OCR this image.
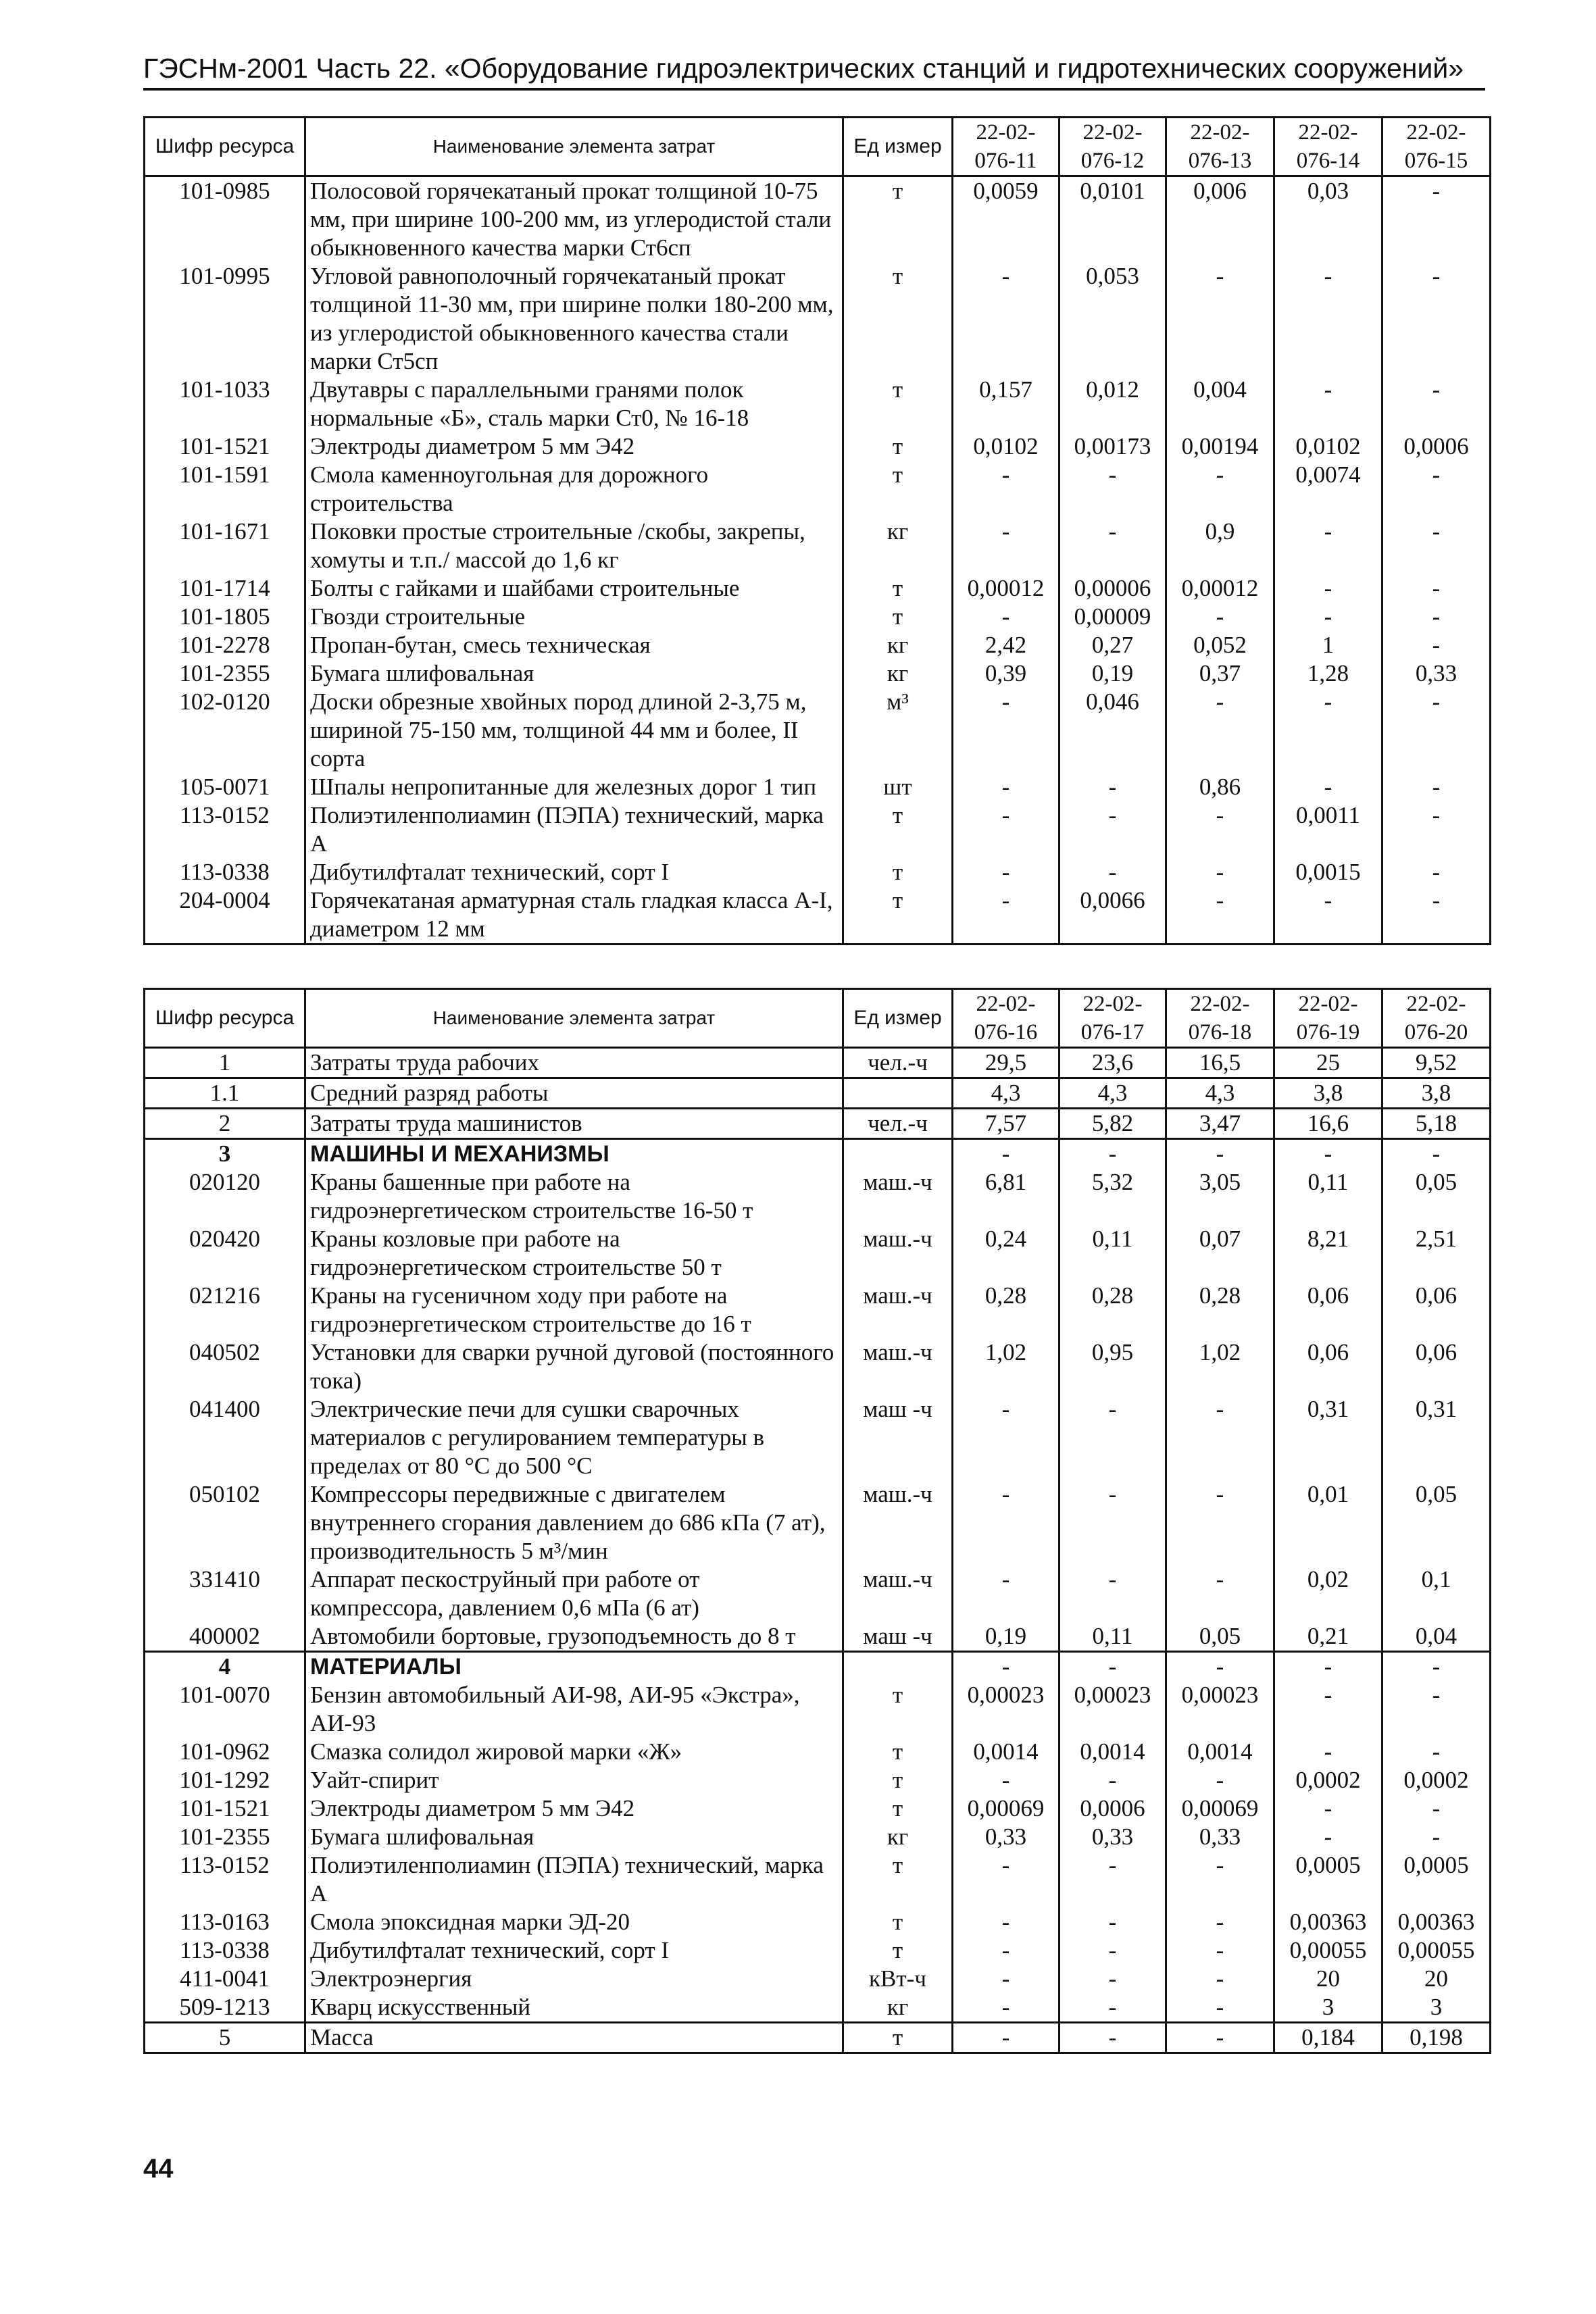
ГЭСНм-2001 Часть 22. «Оборудование гидроэлектрических станций и гидротехнических сооружений»
Шифр ресурса	Наименование элемента затрат	Ед измер	22-02-076-11	22-02-076-12	22-02-076-13	22-02-076-14	22-02-076-15
101-0985	Полосовой горячекатаный прокат толщиной 10-75 мм, при ширине 100-200 мм, из углеродистой стали обыкновенного качества марки Ст6сп	т	0,0059	0,0101	0,006	0,03	-
101-0995	Угловой равнополочный горячекатаный прокат толщиной 11-30 мм, при ширине полки 180-200 мм, из углеродистой обыкновенного качества стали марки Ст5сп	т	-	0,053	-	-	-
101-1033	Двутавры с параллельными гранями полок нормальные «Б», сталь марки Ст0, № 16-18	т	0,157	0,012	0,004	-	-
101-1521	Электроды диаметром 5 мм Э42	т	0,0102	0,00173	0,00194	0,0102	0,0006
101-1591	Смола каменноугольная для дорожного строительства	т	-	-	-	0,0074	-
101-1671	Поковки простые строительные /скобы, закрепы, хомуты и т.п./ массой до 1,6 кг	кг	-	-	0,9	-	-
101-1714	Болты с гайками и шайбами строительные	т	0,00012	0,00006	0,00012	-	-
101-1805	Гвозди строительные	т	-	0,00009	-	-	-
101-2278	Пропан-бутан, смесь техническая	кг	2,42	0,27	0,052	1	-
101-2355	Бумага шлифовальная	кг	0,39	0,19	0,37	1,28	0,33
102-0120	Доски обрезные хвойных пород длиной 2-3,75 м, шириной 75-150 мм, толщиной 44 мм и более, II сорта	м³	-	0,046	-	-	-
105-0071	Шпалы непропитанные для железных дорог 1 тип	шт	-	-	0,86	-	-
113-0152	Полиэтиленполиамин (ПЭПА) технический, марка А	т	-	-	-	0,0011	-
113-0338	Дибутилфталат технический, сорт I	т	-	-	-	0,0015	-
204-0004	Горячекатаная арматурная сталь гладкая класса А-I, диаметром 12 мм	т	-	0,0066	-	-	-
Шифр ресурса	Наименование элемента затрат	Ед измер	22-02-076-16	22-02-076-17	22-02-076-18	22-02-076-19	22-02-076-20
1	Затраты труда рабочих	чел.-ч	29,5	23,6	16,5	25	9,52
1.1	Средний разряд работы		4,3	4,3	4,3	3,8	3,8
2	Затраты труда машинистов	чел.-ч	7,57	5,82	3,47	16,6	5,18
3	МАШИНЫ И МЕХАНИЗМЫ		-	-	-	-	-
020120	Краны башенные при работе на гидроэнергетическом строительстве 16-50 т	маш.-ч	6,81	5,32	3,05	0,11	0,05
020420	Краны козловые при работе на гидроэнергетическом строительстве 50 т	маш.-ч	0,24	0,11	0,07	8,21	2,51
021216	Краны на гусеничном ходу при работе на гидроэнергетическом строительстве до 16 т	маш.-ч	0,28	0,28	0,28	0,06	0,06
040502	Установки для сварки ручной дуговой (постоянного тока)	маш.-ч	1,02	0,95	1,02	0,06	0,06
041400	Электрические печи для сушки сварочных материалов с регулированием температуры в пределах от 80 °С до 500 °С	маш -ч	-	-	-	0,31	0,31
050102	Компрессоры передвижные с двигателем внутреннего сгорания давлением до 686 кПа (7 ат), производительность 5 м³/мин	маш.-ч	-	-	-	0,01	0,05
331410	Аппарат пескоструйный при работе от компрессора, давлением 0,6 мПа (6 ат)	маш.-ч	-	-	-	0,02	0,1
400002	Автомобили бортовые, грузоподъемность до 8 т	маш -ч	0,19	0,11	0,05	0,21	0,04
4	МАТЕРИАЛЫ		-	-	-	-	-
101-0070	Бензин автомобильный АИ-98, АИ-95 «Экстра», АИ-93	т	0,00023	0,00023	0,00023	-	-
101-0962	Смазка солидол жировой марки «Ж»	т	0,0014	0,0014	0,0014	-	-
101-1292	Уайт-спирит	т	-	-	-	0,0002	0,0002
101-1521	Электроды диаметром 5 мм Э42	т	0,00069	0,0006	0,00069	-	-
101-2355	Бумага шлифовальная	кг	0,33	0,33	0,33	-	-
113-0152	Полиэтиленполиамин (ПЭПА) технический, марка А	т	-	-	-	0,0005	0,0005
113-0163	Смола эпоксидная марки ЭД-20	т	-	-	-	0,00363	0,00363
113-0338	Дибутилфталат технический, сорт I	т	-	-	-	0,00055	0,00055
411-0041	Электроэнергия	кВт-ч	-	-	-	20	20
509-1213	Кварц искусственный	кг	-	-	-	3	3
5	Масса	т	-	-	-	0,184	0,198
44
